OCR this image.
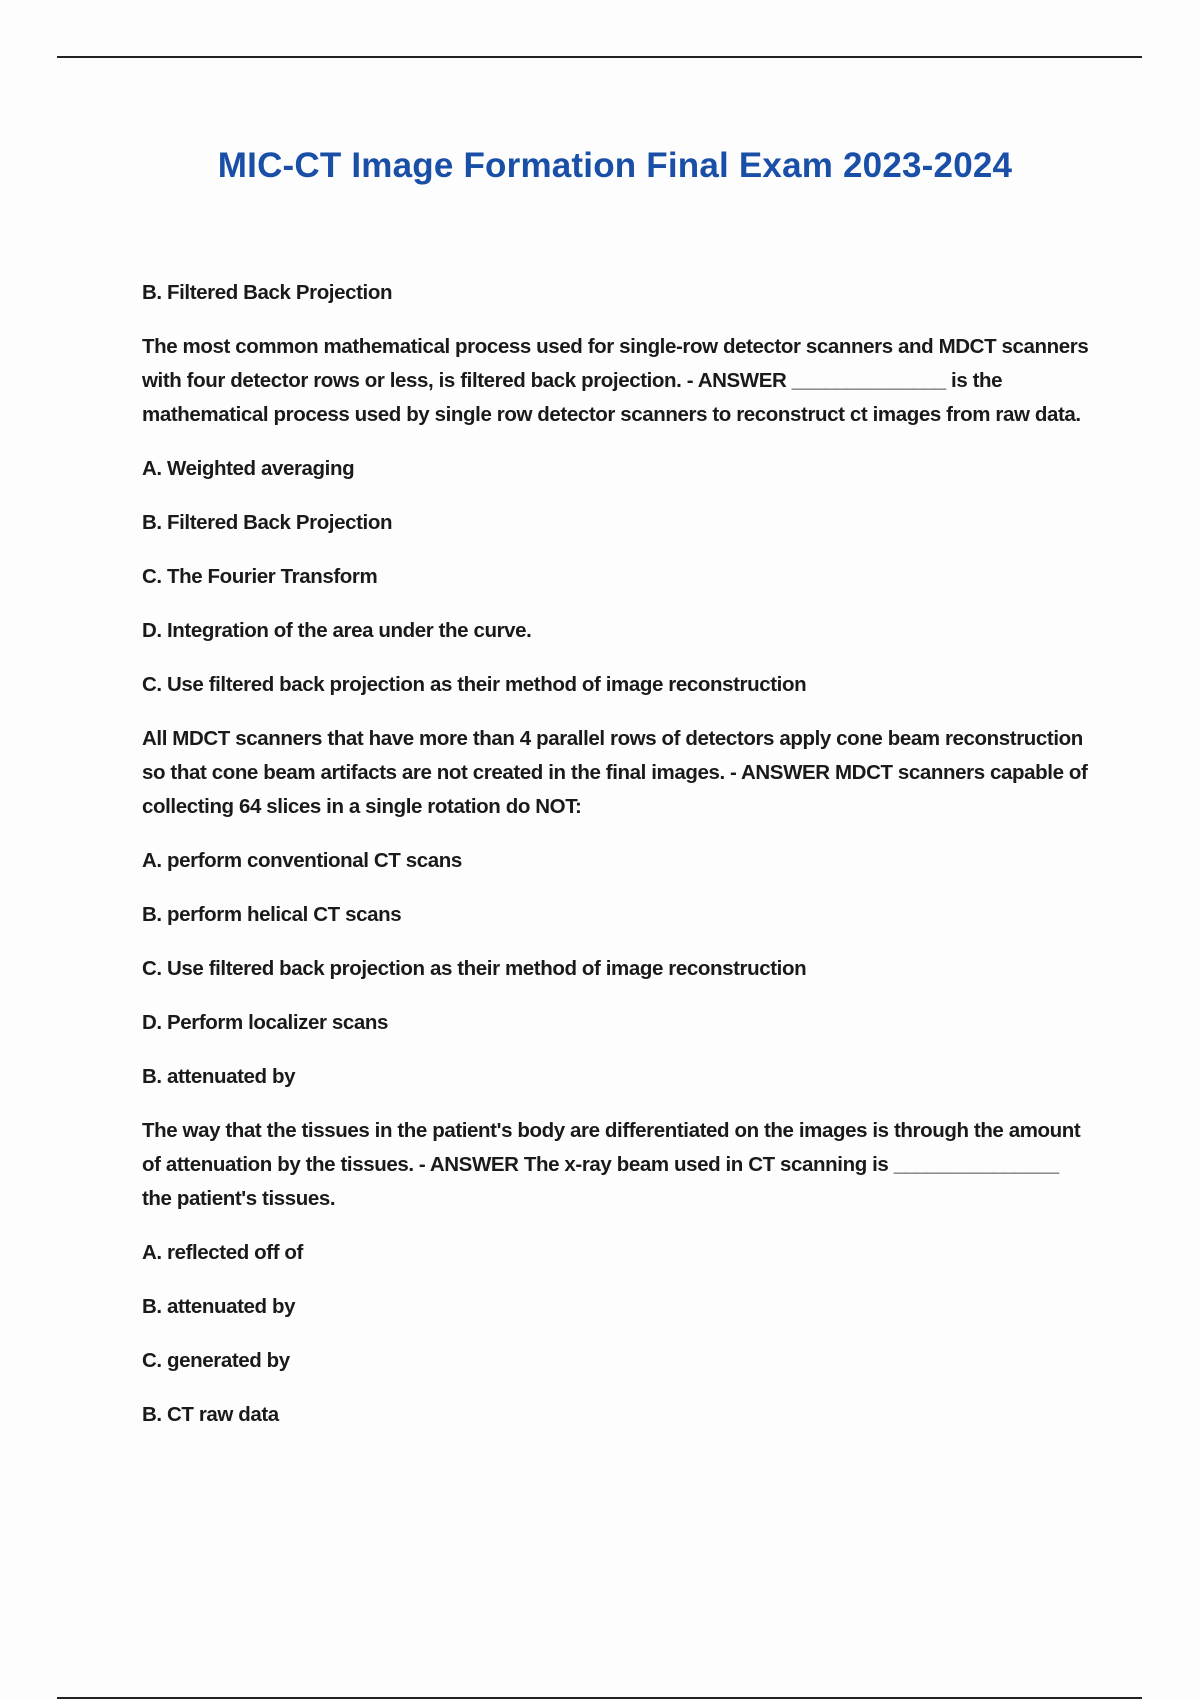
MIC-CT Image Formation Final Exam 2023-2024

B. Filtered Back Projection

The most common mathematical process used for single-row detector scanners and MDCT scanners with four detector rows or less, is filtered back projection. - ANSWER ______________ is the mathematical process used by single row detector scanners to reconstruct ct images from raw data.

A. Weighted averaging

B. Filtered Back Projection

C. The Fourier Transform

D. Integration of the area under the curve.

C. Use filtered back projection as their method of image reconstruction

All MDCT scanners that have more than 4 parallel rows of detectors apply cone beam reconstruction so that cone beam artifacts are not created in the final images. - ANSWER MDCT scanners capable of collecting 64 slices in a single rotation do NOT:

A. perform conventional CT scans

B. perform helical CT scans

C. Use filtered back projection as their method of image reconstruction

D. Perform localizer scans

B. attenuated by

The way that the tissues in the patient's body are differentiated on the images is through the amount of attenuation by the tissues. - ANSWER The x-ray beam used in CT scanning is _______________ the patient's tissues.

A. reflected off of

B. attenuated by

C. generated by

B. CT raw data
